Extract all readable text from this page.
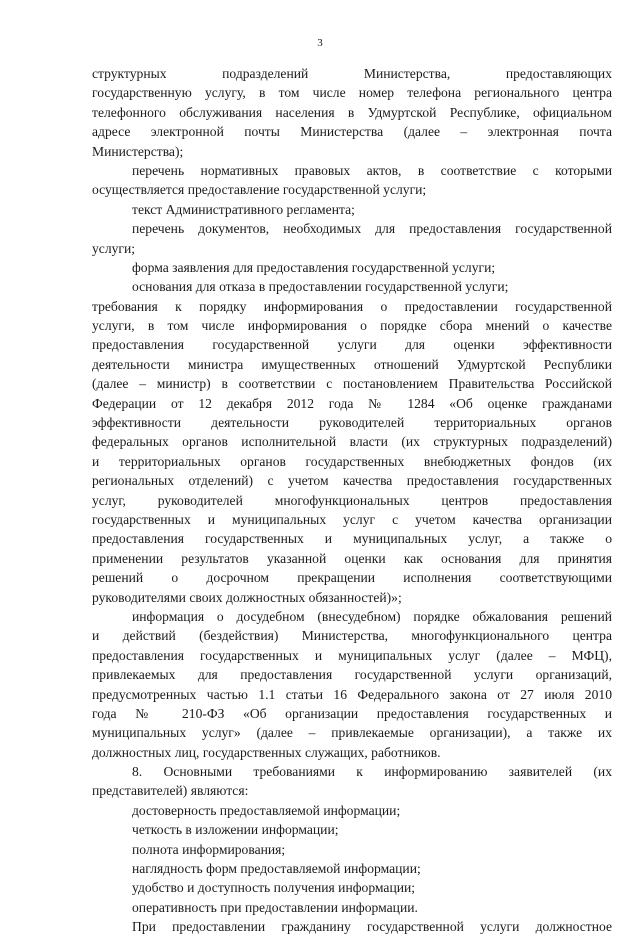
3
структурных подразделений Министерства, предоставляющих
государственную услугу, в том числе номер телефона регионального центра
телефонного обслуживания населения в Удмуртской Республике, официальном
адресе электронной почты Министерства (далее – электронная почта
Министерства);
перечень нормативных правовых актов, в соответствие с которыми
осуществляется предоставление государственной услуги;
текст Административного регламента;
перечень документов, необходимых для предоставления государственной
услуги;
форма заявления для предоставления государственной услуги;
основания для отказа в предоставлении государственной услуги;
требования к порядку информирования о предоставлении государственной
услуги, в том числе информирования о порядке сбора мнений о качестве
предоставления государственной услуги для оценки эффективности
деятельности министра имущественных отношений Удмуртской Республики
(далее – министр) в соответствии с постановлением Правительства Российской
Федерации от 12 декабря 2012 года № 1284 «Об оценке гражданами
эффективности деятельности руководителей территориальных органов
федеральных органов исполнительной власти (их структурных подразделений)
и территориальных органов государственных внебюджетных фондов (их
региональных отделений) с учетом качества предоставления государственных
услуг, руководителей многофункциональных центров предоставления
государственных и муниципальных услуг с учетом качества организации
предоставления государственных и муниципальных услуг, а также о
применении результатов указанной оценки как основания для принятия
решений о досрочном прекращении исполнения соответствующими
руководителями своих должностных обязанностей)»;
информация о досудебном (внесудебном) порядке обжалования решений
и действий (бездействия) Министерства, многофункционального центра
предоставления государственных и муниципальных услуг (далее – МФЦ),
привлекаемых для предоставления государственной услуги организаций,
предусмотренных частью 1.1 статьи 16 Федерального закона от 27 июля 2010
года № 210-ФЗ «Об организации предоставления государственных и
муниципальных услуг» (далее – привлекаемые организации), а также их
должностных лиц, государственных служащих, работников.
8. Основными требованиями к информированию заявителей (их
представителей) являются:
достоверность предоставляемой информации;
четкость в изложении информации;
полнота информирования;
наглядность форм предоставляемой информации;
удобство и доступность получения информации;
оперативность при предоставлении информации.
При предоставлении гражданину государственной услуги должностное
